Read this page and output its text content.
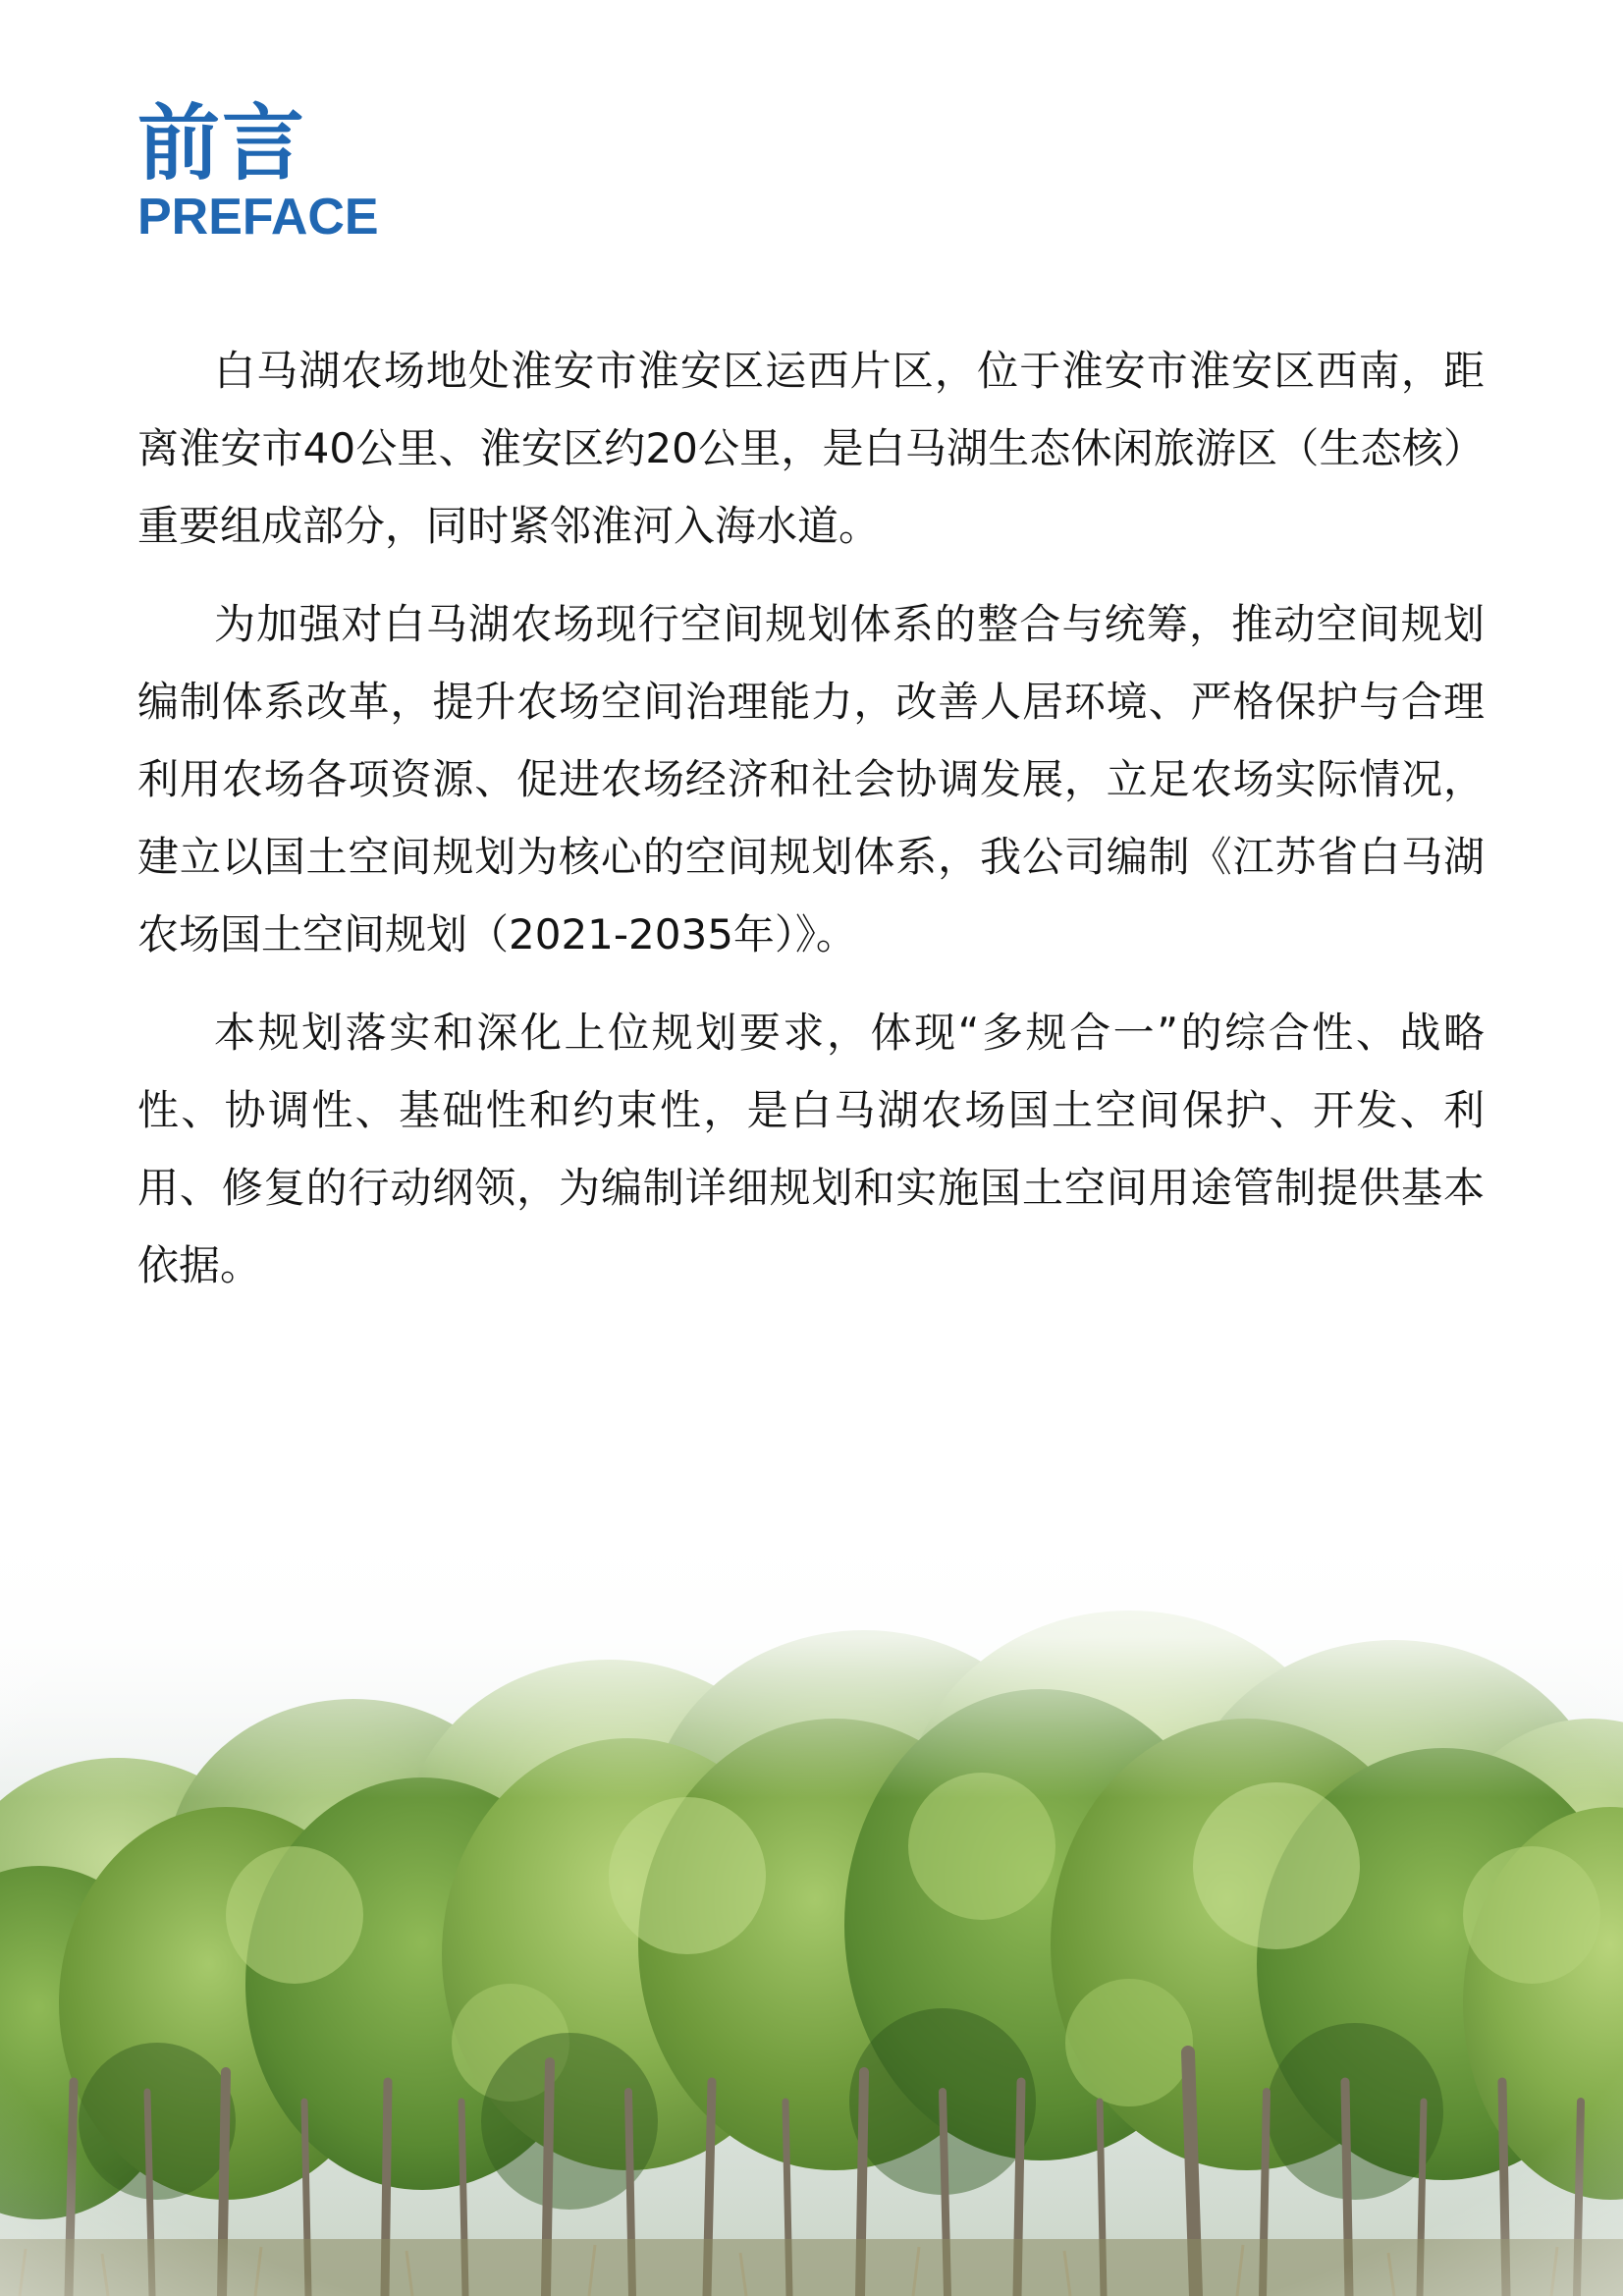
前言
PREFACE

白马湖农场地处淮安市淮安区运西片区，位于淮安市淮安区西南，距离淮安市40公里、淮安区约20公里，是白马湖生态休闲旅游区（生态核）重要组成部分，同时紧邻淮河入海水道。

为加强对白马湖农场现行空间规划体系的整合与统筹，推动空间规划编制体系改革，提升农场空间治理能力，改善人居环境、严格保护与合理利用农场各项资源、促进农场经济和社会协调发展，立足农场实际情况，建立以国土空间规划为核心的空间规划体系，我公司编制《江苏省白马湖农场国土空间规划（2021-2035年）》。

本规划落实和深化上位规划要求，体现“多规合一”的综合性、战略性、协调性、基础性和约束性，是白马湖农场国土空间保护、开发、利用、修复的行动纲领，为编制详细规划和实施国土空间用途管制提供基本依据。
